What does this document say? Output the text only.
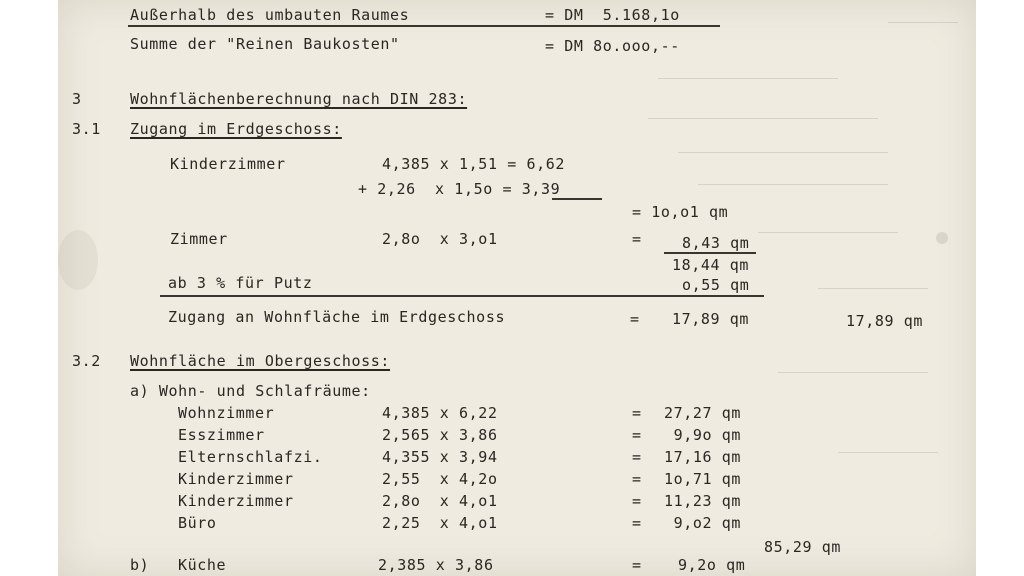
Außerhalb des umbauten Raumes	= DM  5.168,1o
Summe der "Reinen Baukosten"	= DM 8o.ooo,--
3	Wohnflächenberechnung nach DIN 283:
3.1 Zugang im Erdgeschoss:
Kinderzimmer	4,385 x 1,51 = 6,62
+ 2,26  x 1,5o = 3,39
= 1o,o1 qm
Zimmer	2,8o  x 3,o1	=	8,43 qm
18,44 qm
ab 3 % für Putz	o,55 qm
Zugang an Wohnfläche im Erdgeschoss	= 17,89 qm	17,89 qm
3.2 Wohnfläche im Obergeschoss:
a) Wohn- und Schlafräume:
Wohnzimmer	4,385 x 6,22	= 27,27 qm
Esszimmer	2,565 x 3,86	= 9,9o qm
Elternschlafzi.	4,355 x 3,94	= 17,16 qm
Kinderzimmer	2,55  x 4,2o	= 1o,71 qm
Kinderzimmer	2,8o  x 4,o1	= 11,23 qm
Büro	2,25  x 4,o1	= 9,o2 qm
85,29 qm
b) Küche	2,385 x 3,86	= 9,2o qm
